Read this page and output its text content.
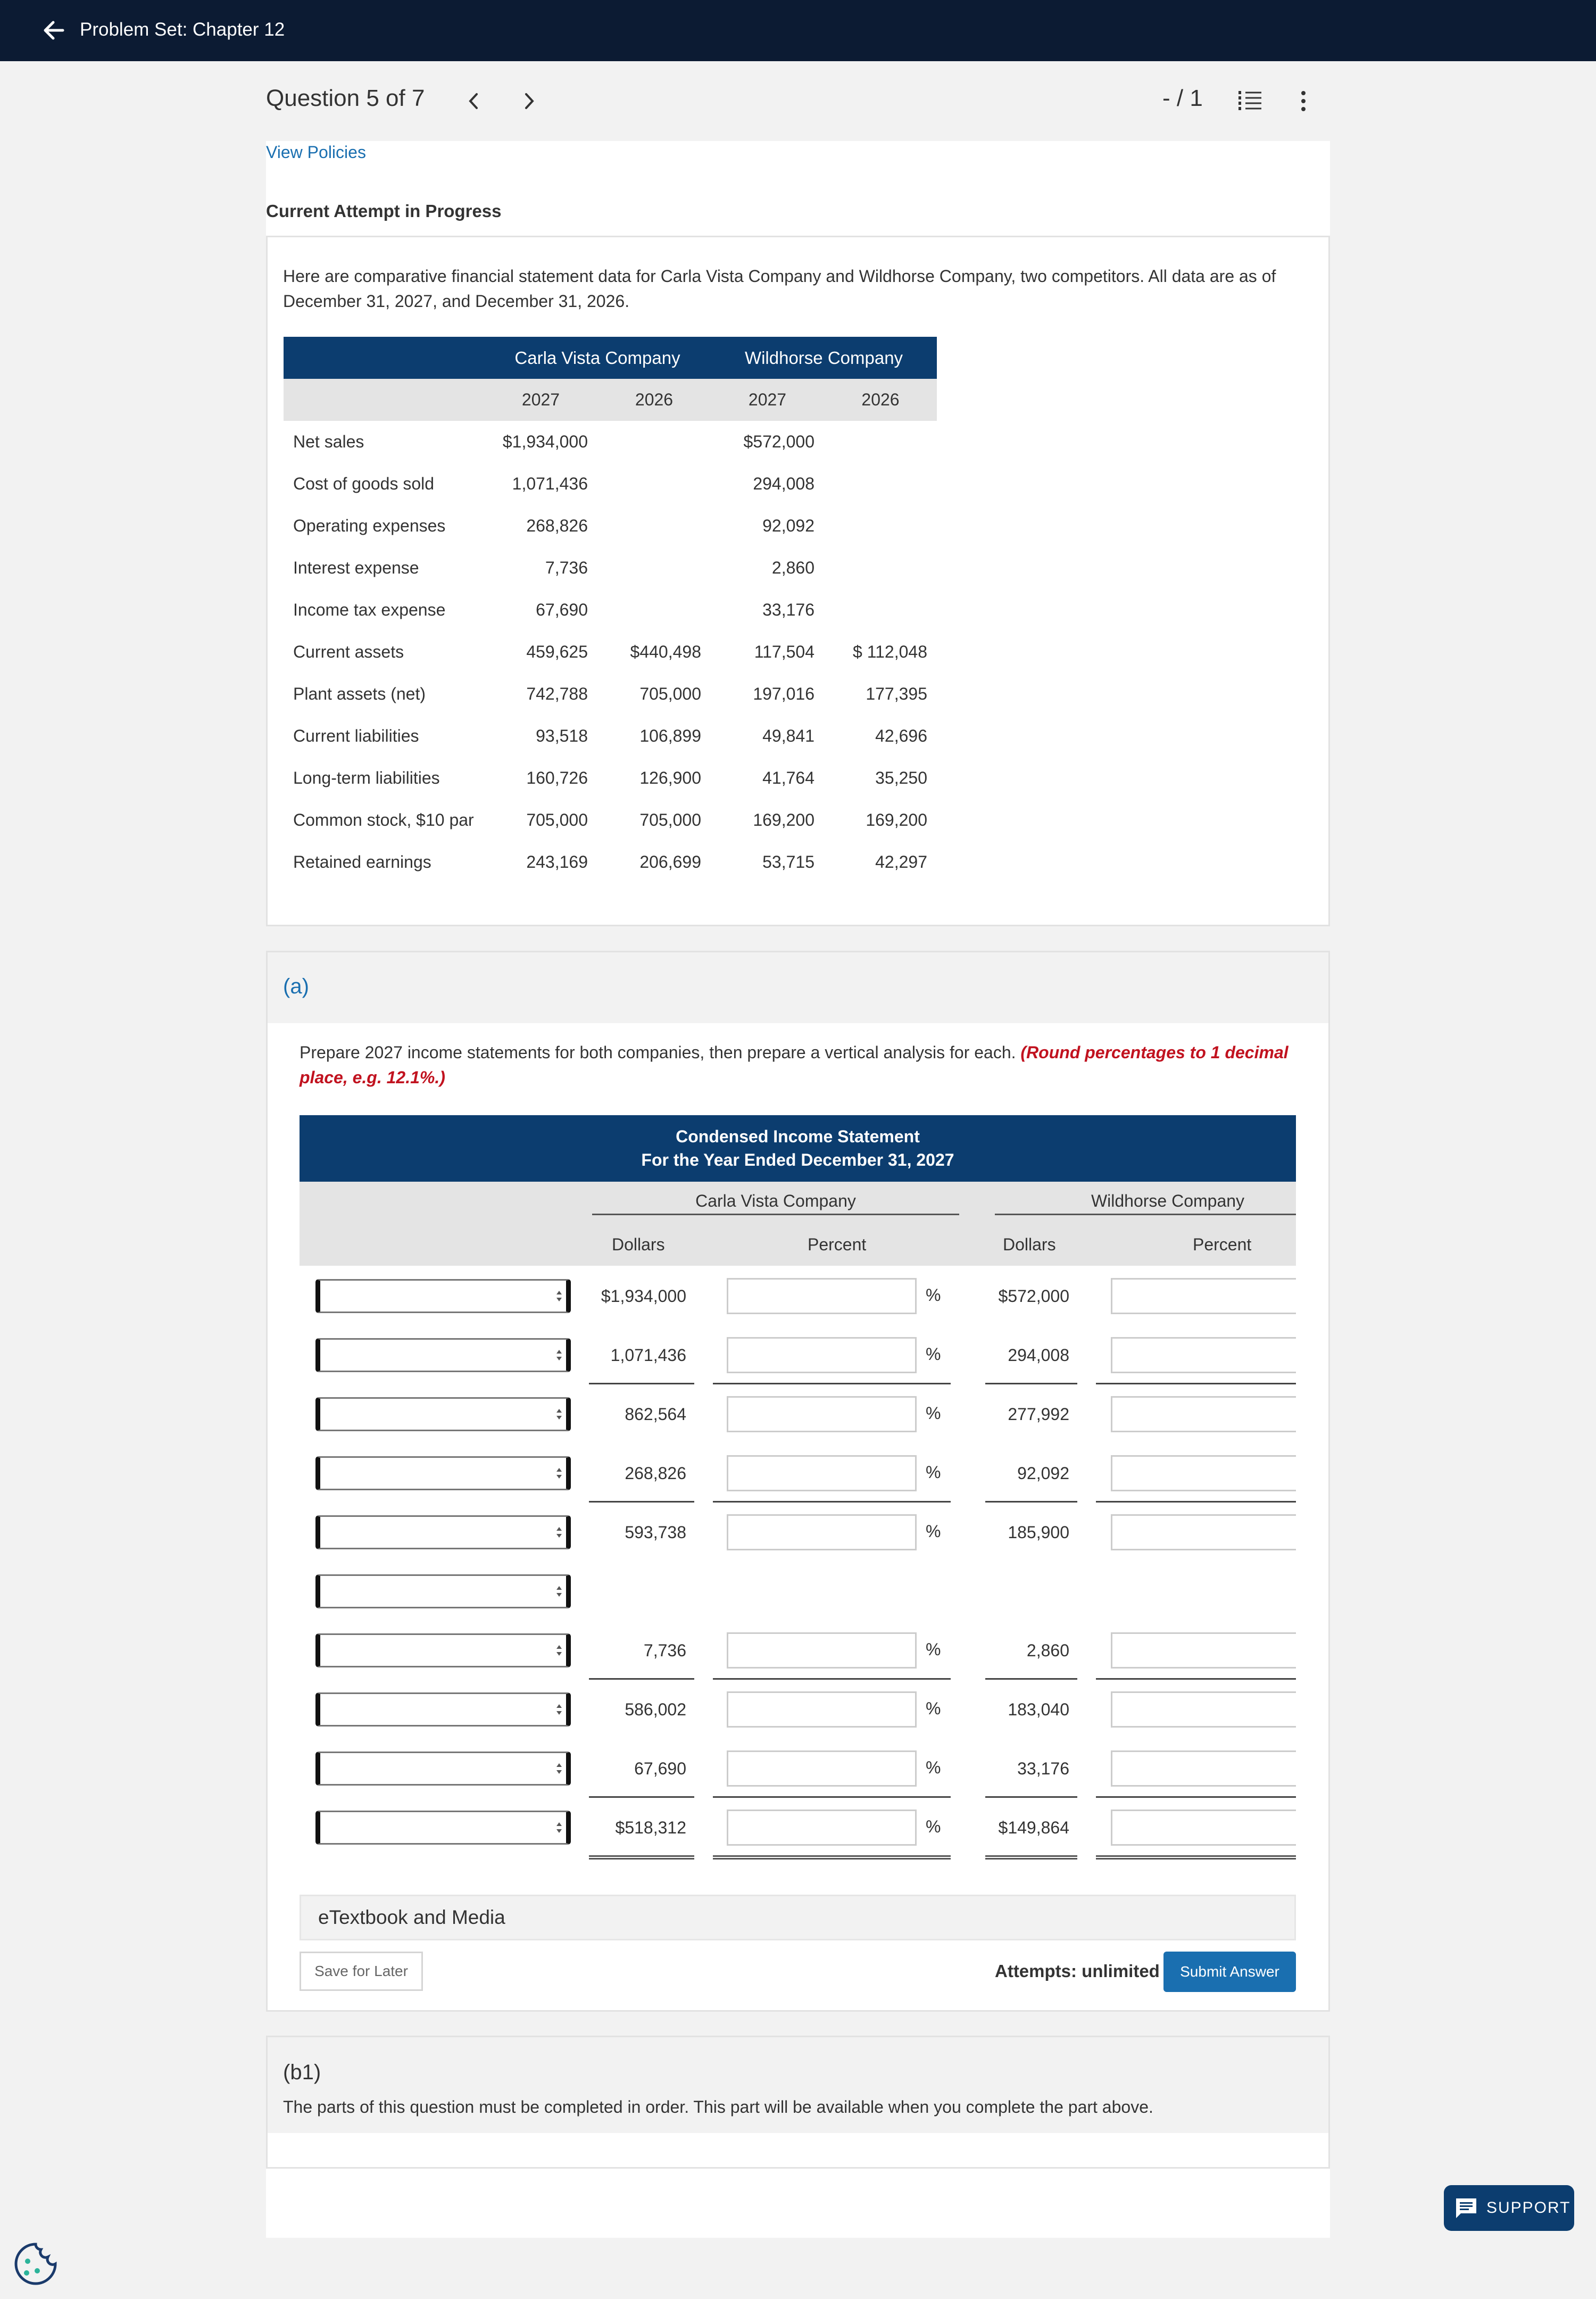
Problem Set: Chapter 12
Question 5 of 7	- / 1
View Policies
Current Attempt in Progress
Here are comparative financial statement data for Carla Vista Company and Wildhorse Company, two competitors. All data are as of December 31, 2027, and December 31, 2026.
	Carla Vista Company		Wildhorse Company	
	2027	2026	2027	2026
Net sales	$1,934,000		$572,000	
Cost of goods sold	1,071,436		294,008	
Operating expenses	268,826		92,092	
Interest expense	7,736		2,860	
Income tax expense	67,690		33,176	
Current assets	459,625	$440,498	117,504	$ 112,048
Plant assets (net)	742,788	705,000	197,016	177,395
Current liabilities	93,518	106,899	49,841	42,696
Long-term liabilities	160,726	126,900	41,764	35,250
Common stock, $10 par	705,000	705,000	169,200	169,200
Retained earnings	243,169	206,699	53,715	42,297
(a)
Prepare 2027 income statements for both companies, then prepare a vertical analysis for each. (Round percentages to 1 decimal place, e.g. 12.1%.)
Condensed Income Statement
For the Year Ended December 31, 2027
Carla Vista Company	Wildhorse Company
Dollars	Percent	Dollars	Percent
$1,934,000	%	$572,000
1,071,436	%	294,008
862,564	%	277,992
268,826	%	92,092
593,738	%	185,900
7,736	%	2,860
586,002	%	183,040
67,690	%	33,176
$518,312	%	$149,864
eTextbook and Media
Save for Later	Attempts: unlimited	Submit Answer
(b1)
The parts of this question must be completed in order. This part will be available when you complete the part above.
SUPPORT
